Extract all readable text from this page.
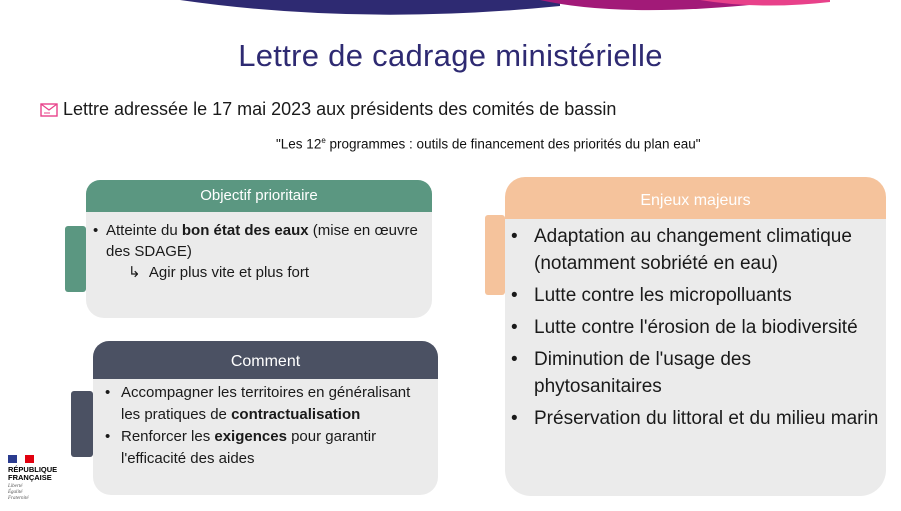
Lettre de cadrage ministérielle
Lettre adressée le 17 mai 2023 aux présidents des comités de bassin
"Les 12e programmes : outils de financement des priorités du plan eau"
Objectif prioritaire
• Atteinte du bon état des eaux (mise en œuvre des SDAGE)
↳ Agir plus vite et plus fort
Comment
• Accompagner les territoires en généralisant les pratiques de contractualisation
• Renforcer les exigences pour garantir l'efficacité des aides
Enjeux majeurs
• Adaptation au changement climatique (notamment sobriété en eau)
• Lutte contre les micropolluants
• Lutte contre l'érosion de la biodiversité
• Diminution de l'usage des phytosanitaires
• Préservation du littoral et du milieu marin
RÉPUBLIQUE
FRANÇAISE
Liberté
Égalité
Fraternité
